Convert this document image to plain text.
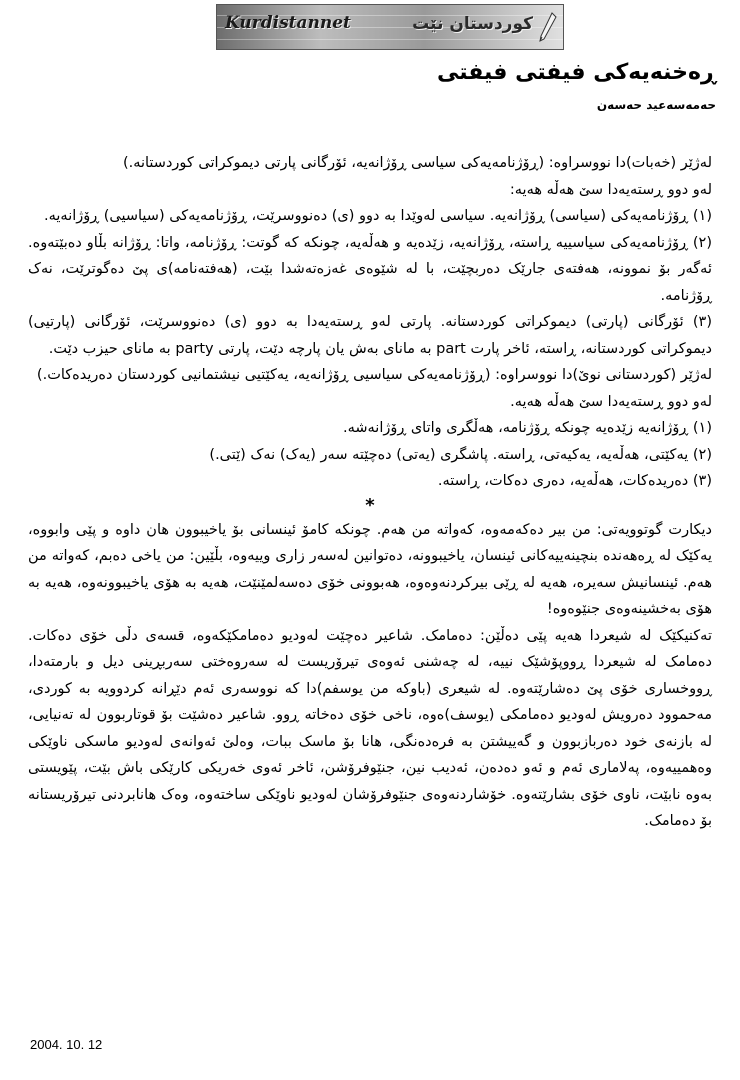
Kurdistannet	کوردستان نێت
ڕەخنەیەکی فیفتی فیفتی
حەمەسەعید حەسەن

لەژێر (خەبات)دا نووسراوە: (ڕۆژنامەیەکی سیاسی ڕۆژانەیە، ئۆرگانی پارتی دیموکراتی کوردستانە.)

لەو دوو ڕستەیەدا سێ هەڵە هەیە:

(١) ڕۆژنامەیەکی (سیاسی) ڕۆژانەیە. سیاسی لەوێدا بە دوو (ی) دەنووسرێت، ڕۆژنامەیەکی (سیاسیی) ڕۆژانەیە.

(٢) ڕۆژنامەیەکی سیاسییە ڕاستە، ڕۆژانەیە، زێدەیە و هەڵەیە، چونکە کە گوتت: ڕۆژنامە، واتا: ڕۆژانە بڵاو دەبێتەوە. ئەگەر بۆ نموونە، هەفتەی جارێک دەربچێت، با لە شێوەی غەزەتەشدا بێت، (هەفتەنامە)ی پێ دەگوترێت، نەک ڕۆژنامە.

(٣) ئۆرگانی (پارتی) دیموکراتی کوردستانە. پارتی لەو ڕستەیەدا بە دوو (ی) دەنووسرێت، ئۆرگانی (پارتیی) دیموکراتی کوردستانە، ڕاستە، ئاخر پارت part بە مانای بەش یان پارچە دێت، پارتی party بە مانای حیزب دێت.

لەژێر (کوردستانی نوێ)دا نووسراوە: (ڕۆژنامەیەکی سیاسیی ڕۆژانەیە، یەکێتیی نیشتمانیی کوردستان دەریدەکات.)

لەو دوو ڕستەیەدا سێ هەڵە هەیە.

(١) ڕۆژانەیە زێدەیە چونکە ڕۆژنامە، هەڵگری واتای ڕۆژانەشە.

(٢) یەکێتی، هەڵەیە، یەکیەتی، ڕاستە. پاشگری (یەتی) دەچێتە سەر (یەک) نەک (ێتی.)

(٣) دەریدەکات، هەڵەیە، دەری دەکات، ڕاستە.

*

دیکارت گوتوویەتی: من بیر دەکەمەوە، کەواتە من هەم. چونکە کامۆ ئینسانی بۆ یاخیبوون هان داوە و پێی وابووە، یەکێک لە ڕەهەندە بنچینەییەکانی ئینسان، یاخیبوونە، دەتوانین لەسەر زاری وییەوە، بڵێین: من یاخی دەبم، کەواتە من هەم. ئینسانیش سەیرە، هەیە لە ڕێی بیرکردنەوەوە، هەبوونی خۆی دەسەلمێنێت، هەیە بە هۆی یاخیبوونەوە، هەیە بە هۆی بەخشینەوەی جنێوەوە!

تەکنیکێک لە شیعردا هەیە پێی دەڵێن: دەمامک. شاعیر دەچێت لەودیو دەمامکێکەوە، قسەی دڵی خۆی دەکات. دەمامک لە شیعردا ڕووپۆشێک نییە، لە چەشنی ئەوەی تیرۆریست لە سەروەختی سەربڕینی دیل و بارمتەدا، ڕووخساری خۆی پێ دەشارێتەوە. لە شیعری (باوکە من یوسفم)دا کە نووسەری ئەم دێڕانە کردوویە بە کوردی، مەحموود دەرویش لەودیو دەمامکی (یوسف)ەوە، ناخی خۆی دەخاتە ڕوو. شاعیر دەشێت بۆ قوتاربوون لە تەنیایی، لە بازنەی خود دەربازبوون و گەییشتن بە فرەدەنگی، هانا بۆ ماسک ببات، وەلێ ئەوانەی لەودیو ماسکی ناوێکی وەهمییەوە، پەلاماری ئەم و ئەو دەدەن، ئەدیب نین، جنێوفرۆشن، ئاخر ئەوی خەریکی کارێکی باش بێت، پێویستی بەوە نابێت، ناوی خۆی بشارێتەوە. خۆشاردنەوەی جنێوفرۆشان لەودیو ناوێکی ساختەوە، وەک هانابردنی تیرۆریستانە بۆ دەمامک.

2004. 10. 12
